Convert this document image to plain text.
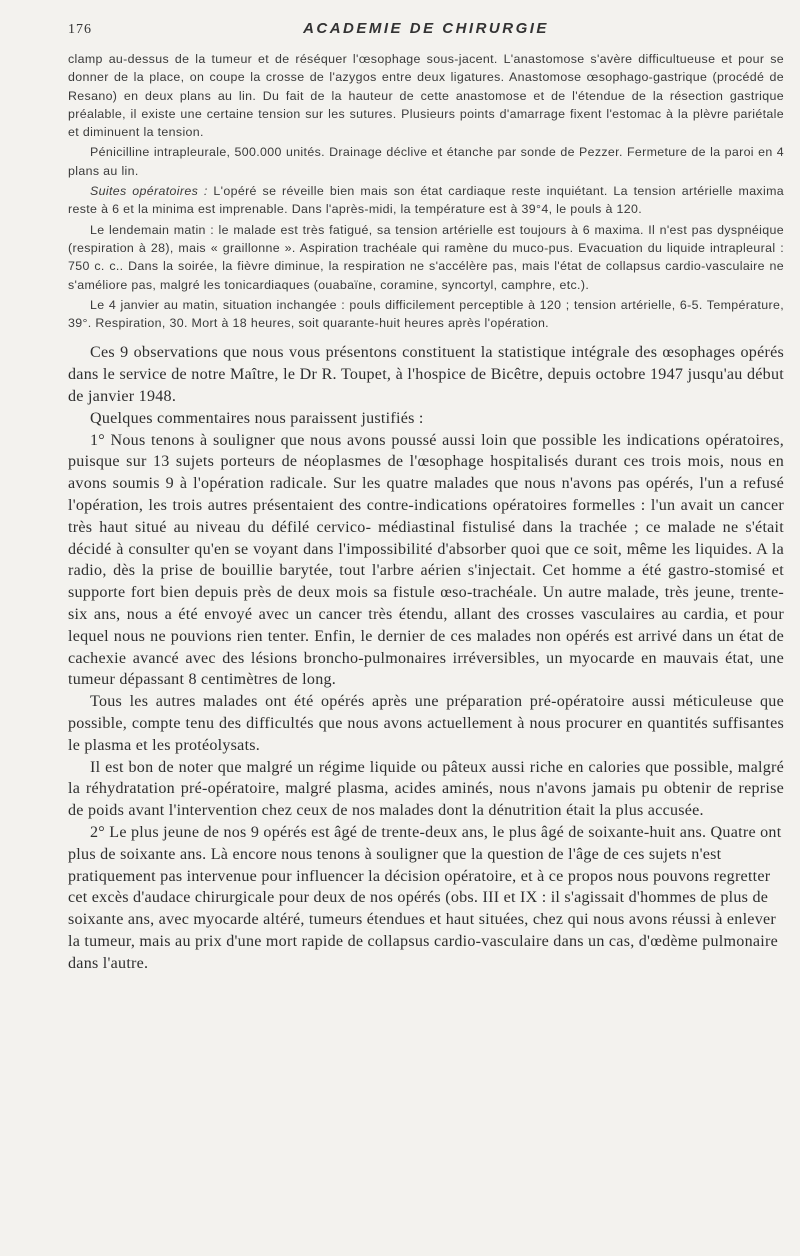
176	ACADEMIE DE CHIRURGIE

clamp au-dessus de la tumeur et de réséquer l'œsophage sous-jacent. L'anastomose s'avère difficultueuse et pour se donner de la place, on coupe la crosse de l'azygos entre deux ligatures. Anastomose œsophago-gastrique (procédé de Resano) en deux plans au lin. Du fait de la hauteur de cette anastomose et de l'étendue de la résection gastrique préalable, il existe une certaine tension sur les sutures. Plusieurs points d'amarrage fixent l'estomac à la plèvre pariétale et diminuent la tension.

Pénicilline intrapleurale, 500.000 unités. Drainage déclive et étanche par sonde de Pezzer. Fermeture de la paroi en 4 plans au lin.

Suites opératoires : L'opéré se réveille bien mais son état cardiaque reste inquiétant. La tension artérielle maxima reste à 6 et la minima est imprenable. Dans l'après-midi, la température est à 39°4, le pouls à 120.

Le lendemain matin : le malade est très fatigué, sa tension artérielle est toujours à 6 maxima. Il n'est pas dyspnéique (respiration à 28), mais « graillonne ». Aspiration trachéale qui ramène du muco-pus. Evacuation du liquide intrapleural : 750 c. c.. Dans la soirée, la fièvre diminue, la respiration ne s'accélère pas, mais l'état de collapsus cardio-vasculaire ne s'améliore pas, malgré les tonicardiaques (ouabaïne, coramine, syncortyl, camphre, etc.).

Le 4 janvier au matin, situation inchangée : pouls difficilement perceptible à 120 ; tension artérielle, 6-5. Température, 39°. Respiration, 30. Mort à 18 heures, soit quarante-huit heures après l'opération.

Ces 9 observations que nous vous présentons constituent la statistique intégrale des œsophages opérés dans le service de notre Maître, le Dr R. Toupet, à l'hospice de Bicêtre, depuis octobre 1947 jusqu'au début de janvier 1948.

Quelques commentaires nous paraissent justifiés :

1° Nous tenons à souligner que nous avons poussé aussi loin que possible les indications opératoires, puisque sur 13 sujets porteurs de néoplasmes de l'œsophage hospitalisés durant ces trois mois, nous en avons soumis 9 à l'opération radicale. Sur les quatre malades que nous n'avons pas opérés, l'un a refusé l'opération, les trois autres présentaient des contre-indications opératoires formelles : l'un avait un cancer très haut situé au niveau du défilé cervico- médiastinal fistulisé dans la trachée ; ce malade ne s'était décidé à consulter qu'en se voyant dans l'impossibilité d'absorber quoi que ce soit, même les liquides. A la radio, dès la prise de bouillie barytée, tout l'arbre aérien s'injectait. Cet homme a été gastro-stomisé et supporte fort bien depuis près de deux mois sa fistule œso-trachéale. Un autre malade, très jeune, trente-six ans, nous a été envoyé avec un cancer très étendu, allant des crosses vasculaires au cardia, et pour lequel nous ne pouvions rien tenter. Enfin, le dernier de ces malades non opérés est arrivé dans un état de cachexie avancé avec des lésions broncho-pulmonaires irréversibles, un myocarde en mauvais état, une tumeur dépassant 8 centimètres de long.

Tous les autres malades ont été opérés après une préparation pré-opératoire aussi méticuleuse que possible, compte tenu des difficultés que nous avons actuellement à nous procurer en quantités suffisantes le plasma et les protéolysats.

Il est bon de noter que malgré un régime liquide ou pâteux aussi riche en calories que possible, malgré la réhydratation pré-opératoire, malgré plasma, acides aminés, nous n'avons jamais pu obtenir de reprise de poids avant l'intervention chez ceux de nos malades dont la dénutrition était la plus accusée.

2° Le plus jeune de nos 9 opérés est âgé de trente-deux ans, le plus âgé de soixante-huit ans. Quatre ont plus de soixante ans. Là encore nous tenons à souligner que la question de l'âge de ces sujets n'est pratiquement pas intervenue pour influencer la décision opératoire, et à ce propos nous pouvons regretter cet excès d'audace chirurgicale pour deux de nos opérés (obs. III et IX : il s'agissait d'hommes de plus de soixante ans, avec myocarde altéré, tumeurs étendues et haut situées, chez qui nous avons réussi à enlever la tumeur, mais au prix d'une mort rapide de collapsus cardio-vasculaire dans un cas, d'œdème pulmonaire dans l'autre.
